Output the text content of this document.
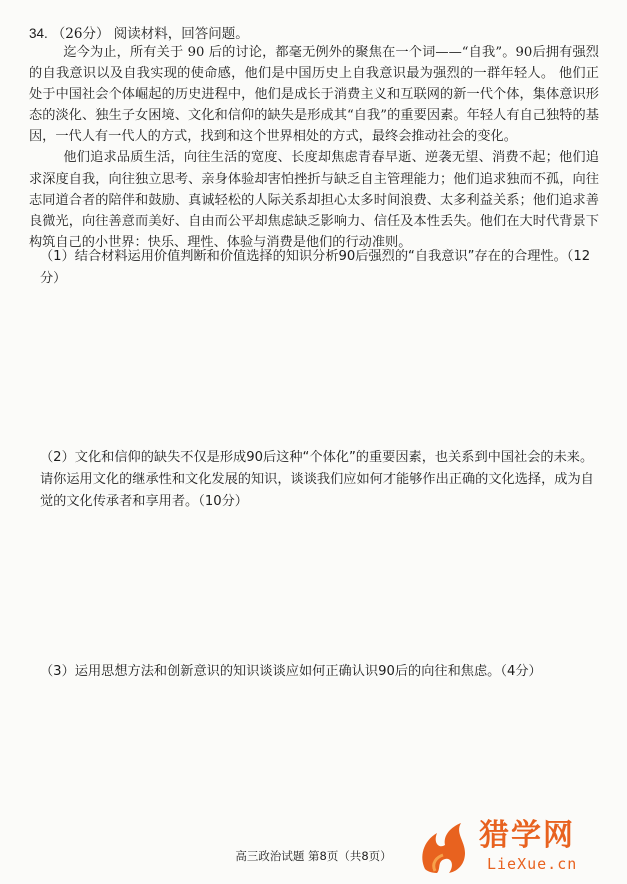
34. （26分） 阅读材料，回答问题。

迄今为止，所有关于 90 后的讨论，都毫无例外的聚焦在一个词——“自我”。90后拥有强烈的自我意识以及自我实现的使命感，他们是中国历史上自我意识最为强烈的一群年轻人。 他们正处于中国社会个体崛起的历史进程中，他们是成长于消费主义和互联网的新一代个体，集体意识形态的淡化、独生子女困境、文化和信仰的缺失是形成其“自我”的重要因素。年轻人有自己独特的基因，一代人有一代人的方式，找到和这个世界相处的方式，最终会推动社会的变化。

他们追求品质生活，向往生活的宽度、长度却焦虑青春早逝、逆袭无望、消费不起；他们追求深度自我，向往独立思考、亲身体验却害怕挫折与缺乏自主管理能力；他们追求独而不孤，向往志同道合者的陪伴和鼓励、真诚轻松的人际关系却担心太多时间浪费、太多利益关系；他们追求善良微光，向往善意而美好、自由而公平却焦虑缺乏影响力、信任及本性丢失。他们在大时代背景下构筑自己的小世界：快乐、理性、体验与消费是他们的行动准则。

（1）结合材料运用价值判断和价值选择的知识分析90后强烈的“自我意识”存在的合理性。（12分）
（2）文化和信仰的缺失不仅是形成90后这种“个体化”的重要因素，也关系到中国社会的未来。请你运用文化的继承性和文化发展的知识，谈谈我们应如何才能够作出正确的文化选择，成为自觉的文化传承者和享用者。（10分）
（3）运用思想方法和创新意识的知识谈谈应如何正确认识90后的向往和焦虑。（4分）
高三政治试题 第8页（共8页）
猎学网
LieXue.cn
